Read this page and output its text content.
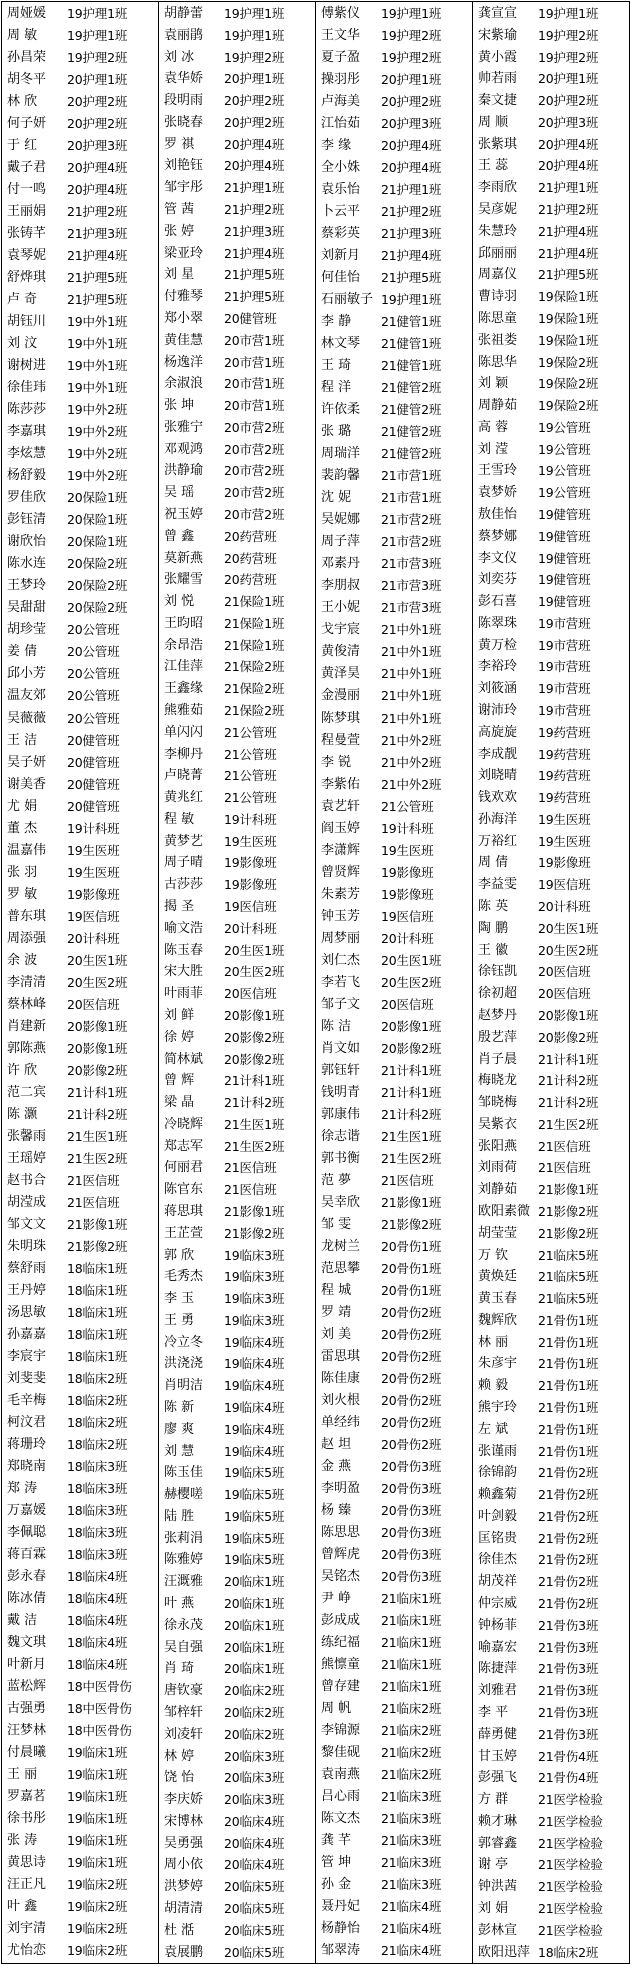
周娅媛	19护理1班
周 敏	19护理1班
孙昌荣	19护理2班
胡冬平	20护理1班
林 欣	20护理2班
何子妍	20护理2班
于 红	20护理3班
戴子君	20护理4班
付一鸣	20护理4班
王丽娟	21护理2班
张铸芊	21护理3班
袁琴妮	21护理4班
舒烨琪	21护理5班
卢 奇	21护理5班
胡钰川	19中外1班
刘 汶	19中外1班
谢树进	19中外1班
徐佳玮	19中外1班
陈莎莎	19中外2班
李嘉琪	19中外2班
李炫慧	19中外2班
杨舒毅	19中外2班
罗佳欣	20保险1班
彭钰清	20保险1班
谢欣怡	20保险1班
陈水连	20保险2班
王梦玲	20保险2班
吴甜甜	20保险2班
胡珍莹	20公管班
姜 倩	20公管班
邱小芳	20公管班
温友郊	20公管班
吴薇薇	20公管班
王 洁	20健管班
吴子妍	20健管班
谢美香	20健管班
尤 娟	20健管班
董 杰	19计科班
温嘉伟	19生医班
张 羽	19生医班
罗 敏	19影像班
普东琪	19医信班
周添强	20计科班
余 波	20生医1班
李清清	20生医2班
蔡林峰	20医信班
肖建新	20影像1班
郭陈燕	20影像1班
许 欣	20影像2班
范二宾	21计科1班
陈 灏	21计科2班
张馨雨	21生医1班
王瑶婷	21生医2班
赵书合	21医信班
胡滢成	21医信班
邹文文	21影像1班
朱明珠	21影像2班
蔡舒雨	18临床1班
王丹婷	18临床1班
汤思敏	18临床1班
孙嘉嘉	18临床1班
李宸宇	18临床1班
刘斐斐	18临床2班
毛辛梅	18临床2班
柯汶君	18临床2班
蒋珊玲	18临床2班
郑晓南	18临床3班
郑 涛	18临床3班
万嘉媛	18临床3班
李佩聪	18临床3班
蒋百霖	18临床3班
彭永春	18临床4班
陈冰倩	18临床4班
戴 洁	18临床4班
魏文琪	18临床4班
叶新月	18临床4班
蓝松辉	18中医骨伤
古强勇	18中医骨伤
汪梦林	18中医骨伤
付晨曦	19临床1班
王 丽	19临床1班
罗嘉茗	19临床1班
徐书彤	19临床1班
张 涛	19临床1班
黄思诗	19临床1班
汪正凡	19临床2班
叶 鑫	19临床2班
刘宇清	19临床2班
尤怡恋	19临床2班
胡静蕾	19护理1班
袁丽鹃	19护理1班
刘 冰	19护理2班
袁华娇	20护理1班
段明雨	20护理2班
张晓春	20护理2班
罗 祺	20护理4班
刘艳钰	20护理4班
邹宇彤	21护理1班
管 茜	21护理2班
张 婷	21护理3班
梁亚玲	21护理4班
刘 星	21护理5班
付雅琴	21护理5班
郑小翠	20健管班
黄佳慧	20市营1班
杨逸洋	20市营1班
余淑浪	20市营1班
张 坤	20市营1班
张雅宁	20市营2班
邓观鸿	20市营2班
洪静瑜	20市营2班
吴 瑶	20市营2班
祝玉婷	20市营2班
曾 鑫	20药营班
莫新燕	20药营班
张耀雪	20药营班
刘 悦	21保险1班
王昀昭	21保险1班
余昂浩	21保险1班
江佳萍	21保险2班
王鑫缘	21保险2班
熊雅茹	21保险2班
单闪闪	21公管班
李柳丹	21公管班
卢晓菁	21公管班
黄兆红	21公管班
程 敏	19计科班
黄梦艺	19生医班
周子晴	19影像班
古莎莎	19影像班
揭 圣	19医信班
喻文浩	20计科班
陈玉春	20生医1班
宋大胜	20生医2班
叶雨菲	20医信班
刘 鲜	20影像1班
徐 婷	20影像2班
简林斌	20影像2班
曾 辉	21计科1班
梁 晶	21计科2班
冷晓辉	21生医1班
郑志军	21生医2班
何丽君	21医信班
陈官东	21医信班
蒋思琪	21影像1班
王芷萱	21影像2班
郭 欣	19临床3班
毛秀杰	19临床3班
李 玉	19临床3班
王 勇	19临床3班
冷立冬	19临床4班
洪浇浇	19临床4班
肖明洁	19临床4班
陈 新	19临床4班
廖 爽	19临床4班
刘 慧	19临床4班
陈玉佳	19临床5班
赫樱嗟	19临床5班
陆 胜	19临床5班
张莉涓	19临床5班
陈雅婷	19临床5班
汪溉雅	20临床1班
叶 燕	20临床1班
徐永茂	20临床1班
吴自强	20临床1班
肖 琦	20临床1班
唐钦豪	20临床2班
邹梓轩	20临床2班
刘凌轩	20临床2班
林 婷	20临床3班
饶 怡	20临床3班
李庆娇	20临床3班
宋博林	20临床4班
吴勇强	20临床4班
周小依	20临床4班
洪梦婷	20临床5班
胡清清	20临床5班
杜 湉	20临床5班
袁展鹏	20临床5班
傅紫仪	19护理1班
王文华	19护理2班
夏子盈	19护理2班
操羽彤	20护理1班
卢海美	20护理2班
江怡茹	20护理3班
李 缘	20护理4班
全小姝	20护理4班
袁乐怡	21护理1班
卜云平	21护理2班
蔡彩英	21护理3班
刘新月	21护理4班
何佳怡	21护理5班
石丽敏子 19护理1班
李 静	21健管1班
林文琴	21健管1班
王 琦	21健管1班
程 洋	21健管2班
许依柔	21健管2班
张 璐	21健管2班
周瑞洋	21健管2班
裴韵馨	21市营1班
沈 妮	21市营1班
吴妮娜	21市营2班
周子萍	21市营2班
邓素丹	21市营3班
李朋叔	21市营3班
王小妮	21市营3班
戈宇宸	21中外1班
黄俊清	21中外1班
黄泽昊	21中外1班
金漫丽	21中外1班
陈梦琪	21中外1班
程曼萱	21中外2班
李 锐	21中外2班
李紫佑	21中外2班
袁艺轩	21公管班
阎玉婷	19计科班
李潇辉	19生医班
曾贤辉	19影像班
朱素芳	19影像班
钟玉芳	19医信班
周梦丽	20计科班
刘仁杰	20生医1班
李若飞	20生医2班
邹子文	20医信班
陈 洁	20影像1班
肖文如	20影像2班
郭钰轩	21计科1班
钱明青	21计科1班
郭康伟	21计科2班
徐志谐	21生医1班
郭书衡	21生医2班
范 夢	21医信班
吴幸欣	21影像1班
邹 雯	21影像2班
龙树兰	20骨伤1班
范思攀	20骨伤1班
程 城	20骨伤1班
罗 靖	20骨伤2班
刘 美	20骨伤2班
雷思琪	20骨伤2班
陈佳康	20骨伤2班
刘火根	20骨伤2班
单经纬	20骨伤2班
赵 坦	20骨伤2班
金 燕	20骨伤3班
李明盈	20骨伤3班
杨 臻	20骨伤3班
陈思思	20骨伤3班
曾辉虎	20骨伤3班
吴铭杰	20骨伤3班
尹 峥	21临床1班
彭成成	21临床1班
练纪福	21临床1班
熊懔童	21临床1班
曾存建	21临床1班
周 帆	21临床2班
李锦源	21临床2班
黎佳砚	21临床2班
袁南燕	21临床2班
吕心雨	21临床3班
陈文杰	21临床3班
龚 芊	21临床3班
管 坤	21临床3班
孙 金	21临床3班
聂丹妃	21临床4班
杨静怡	21临床4班
邹翠涛	21临床4班
龚宣宣	19护理1班
宋紫瑜	19护理2班
黄小霞	19护理2班
帅若雨	20护理1班
秦文捷	20护理2班
周 顺	20护理3班
张紫琪	20护理4班
王 蕊	20护理4班
李雨欣	21护理1班
吴彦妮	21护理2班
朱慧玲	21护理4班
邱丽丽	21护理4班
周嘉仪	21护理5班
曹诗羽	19保险1班
陈思童	19保险1班
张祖娄	19保险1班
陈思华	19保险2班
刘 颖	19保险2班
周静茹	19保险2班
高 蓉	19公管班
刘 滢	19公管班
王雪玲	19公管班
袁梦娇	19公管班
敖佳怡	19健管班
蔡梦娜	19健管班
李文仪	19健管班
刘奕芬	19健管班
彭石喜	19健管班
陈翠珠	19市营班
黄万检	19市营班
李裕玲	19市营班
刘筱涵	19市营班
谢沛玲	19市营班
高旋旋	19药营班
李成靓	19药营班
刘晓晴	19药营班
钱欢欢	19药营班
孙海洋	19生医班
万裕红	19生医班
周 倩	19影像班
李益雯	19医信班
陈 英	20计科班
陶 鹏	20生医1班
王 徽	20生医2班
徐钰凯	20医信班
徐初超	20医信班
赵梦丹	20影像1班
殷艺萍	20影像2班
肖子晨	21计科1班
梅晓龙	21计科2班
邹晓梅	21计科2班
吴紫衣	21生医2班
张阳燕	21医信班
刘雨荷	21医信班
刘静茹	21影像1班
欧阳素微 21影像2班
胡莹莹	21影像2班
万 钦	21临床5班
黄焕廷	21临床5班
黄玉春	21临床5班
魏辉欣	21骨伤1班
林 丽	21骨伤1班
朱彦宇	21骨伤1班
赖 毅	21骨伤1班
熊宇玲	21骨伤1班
左 斌	21骨伤1班
张谨雨	21骨伤1班
徐锦韵	21骨伤2班
赖鑫菊	21骨伤2班
叶剑毅	21骨伤2班
匡铭贵	21骨伤2班
徐佳杰	21骨伤2班
胡茂祥	21骨伤2班
仲宗威	21骨伤2班
钟杨菲	21骨伤3班
喻嘉宏	21骨伤3班
陈捷萍	21骨伤3班
刘雅君	21骨伤3班
李 平	21骨伤3班
薛勇健	21骨伤3班
甘玉婷	21骨伤4班
彭强飞	21骨伤4班
方 群	21医学检验
赖才琳	21医学检验
郭睿鑫	21医学检验
谢 亭	21医学检验
钟洪茜	21医学检验
刘 娟	21医学检验
彭林宣	21医学检验
欧阳迅萍 18临床2班
